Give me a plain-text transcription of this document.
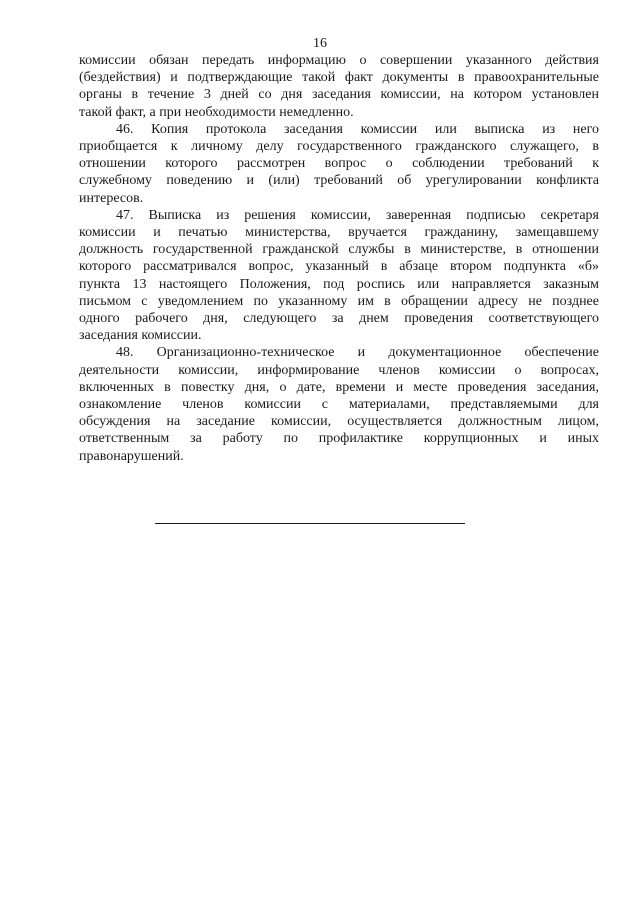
16
комиссии обязан передать информацию о совершении указанного действия
(бездействия) и подтверждающие такой факт документы в правоохранительные
органы в течение 3 дней со дня заседания комиссии, на котором установлен
такой факт, а при необходимости немедленно.
46. Копия протокола заседания комиссии или выписка из него
приобщается к личному делу государственного гражданского служащего, в
отношении которого рассмотрен вопрос о соблюдении требований к
служебному поведению и (или) требований об урегулировании конфликта
интересов.
47. Выписка из решения комиссии, заверенная подписью секретаря
комиссии и печатью министерства, вручается гражданину, замещавшему
должность государственной гражданской службы в министерстве, в отношении
которого рассматривался вопрос, указанный в абзаце втором подпункта «б»
пункта 13 настоящего Положения, под роспись или направляется заказным
письмом с уведомлением по указанному им в обращении адресу не позднее
одного рабочего дня, следующего за днем проведения соответствующего
заседания комиссии.
48. Организационно-техническое и документационное обеспечение
деятельности комиссии, информирование членов комиссии о вопросах,
включенных в повестку дня, о дате, времени и месте проведения заседания,
ознакомление членов комиссии с материалами, представляемыми для
обсуждения на заседание комиссии, осуществляется должностным лицом,
ответственным за работу по профилактике коррупционных и иных
правонарушений.
